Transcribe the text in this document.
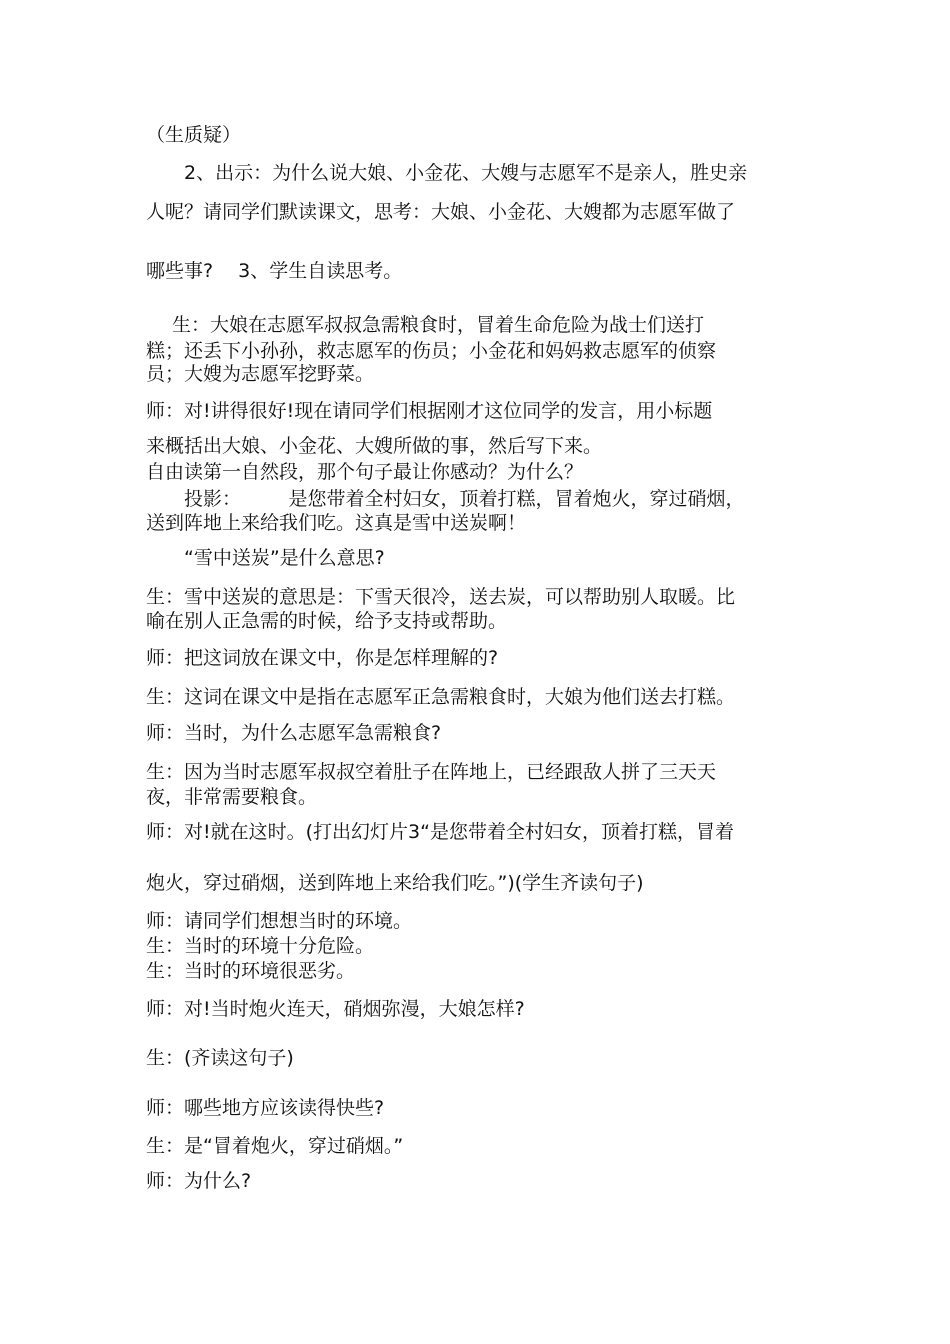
（生质疑）
2、出示：为什么说大娘、小金花、大嫂与志愿军不是亲人，胜史亲
人呢？请同学们默读课文，思考：大娘、小金花、大嫂都为志愿军做了
哪些事?　 3、学生自读思考。
生：大娘在志愿军叔叔急需粮食时，冒着生命危险为战士们送打
糕；还丢下小孙孙，救志愿军的伤员；小金花和妈妈救志愿军的侦察
员；大嫂为志愿军挖野菜。
师：对!讲得很好!现在请同学们根据刚才这位同学的发言，用小标题
来概括出大娘、小金花、大嫂所做的事，然后写下来。
自由读第一自然段，那个句子最让你感动？为什么？
投影：　　　是您带着全村妇女，顶着打糕，冒着炮火，穿过硝烟，
送到阵地上来给我们吃。这真是雪中送炭啊！
“雪中送炭”是什么意思?
生：雪中送炭的意思是：下雪天很冷，送去炭，可以帮助别人取暖。比
喻在别人正急需的时候，给予支持或帮助。
师：把这词放在课文中，你是怎样理解的?
生：这词在课文中是指在志愿军正急需粮食时，大娘为他们送去打糕。
师：当时，为什么志愿军急需粮食?
生：因为当时志愿军叔叔空着肚子在阵地上，已经跟敌人拼了三天天
夜，非常需要粮食。
师：对!就在这时。(打出幻灯片3“是您带着全村妇女，顶着打糕，冒着
炮火，穿过硝烟，送到阵地上来给我们吃。”)(学生齐读句子)
师：请同学们想想当时的环境。
生：当时的环境十分危险。
生：当时的环境很恶劣。
师：对!当时炮火连天，硝烟弥漫，大娘怎样?
生：(齐读这句子)
师：哪些地方应该读得快些?
生：是“冒着炮火，穿过硝烟。”
师：为什么?
